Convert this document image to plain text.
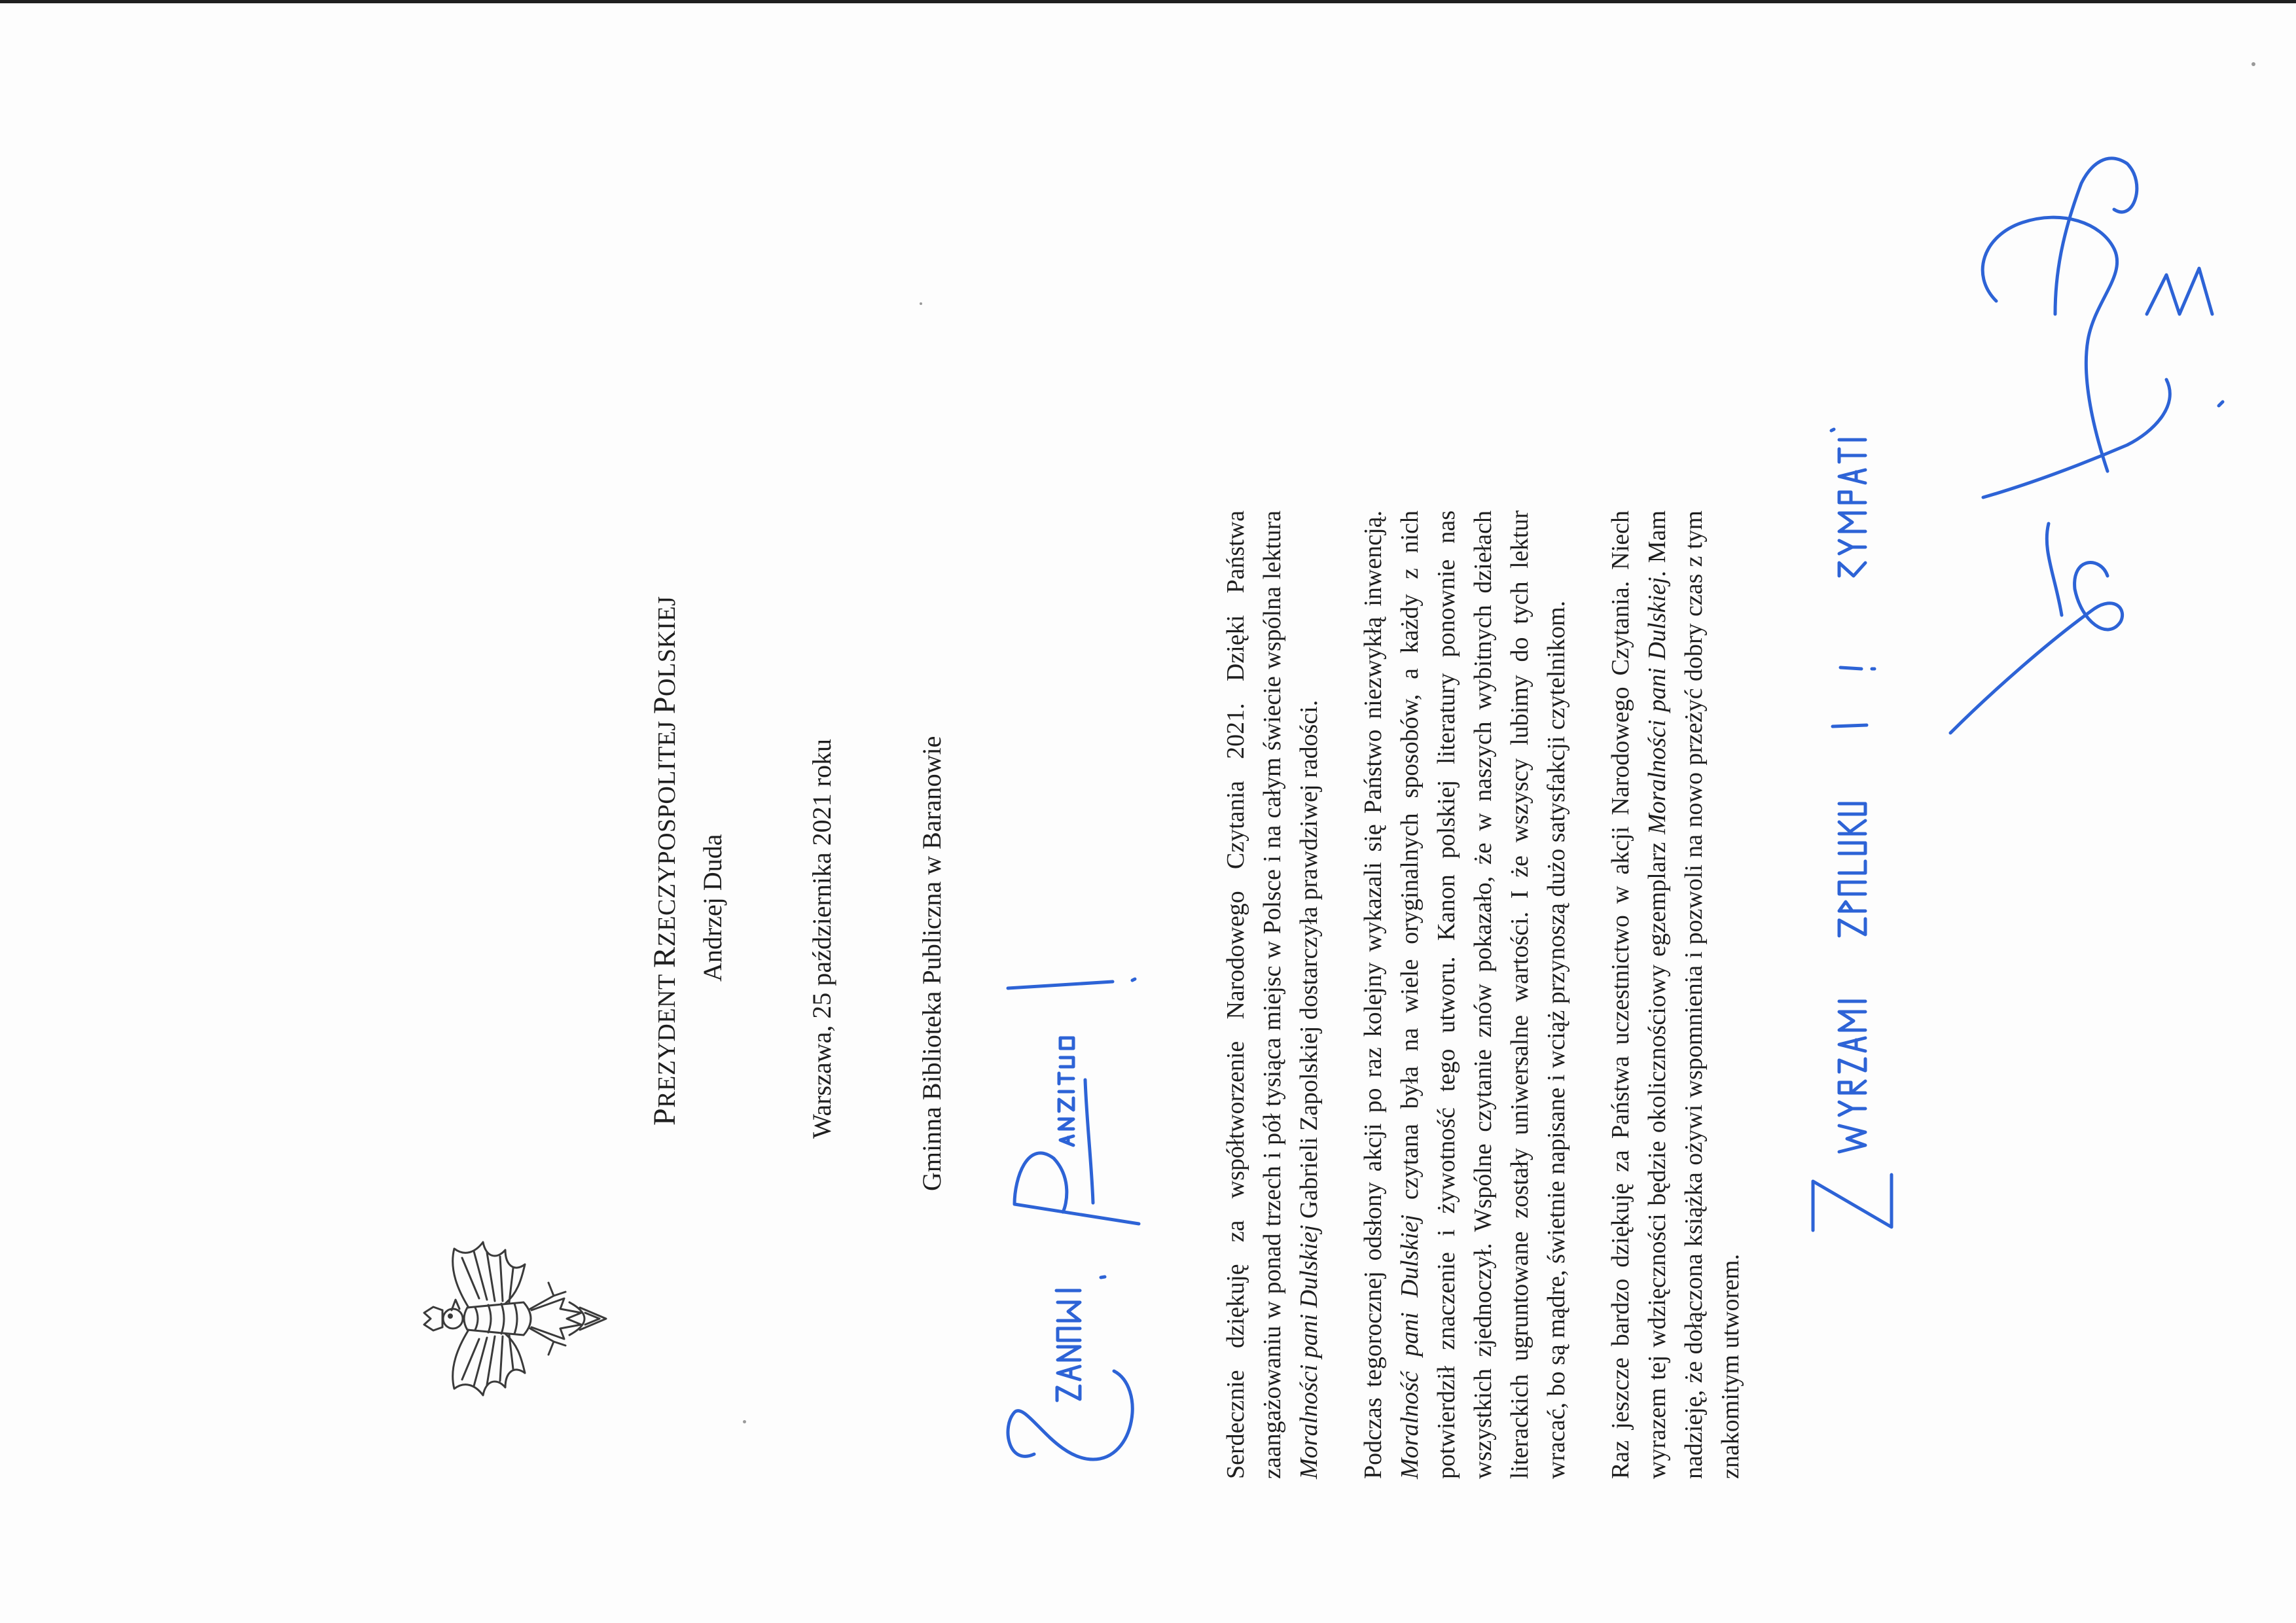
PREZYDENT RZECZYPOSPOLITEJ POLSKIEJ
Andrzej Duda	Warszawa, 25 października 2021 roku	Gminna Biblioteka Publiczna w Baranowie	Serdecznie dziękuję za współtworzenie Narodowego Czytania 2021. Dzięki Państwa zaangażowaniu w ponad trzech i pół tysiąca miejsc w Polsce i na całym świecie wspólna lektura Moralności pani Dulskiej Gabrieli Zapolskiej dostarczyła prawdziwej radości. Podczas tegorocznej odsłony akcji po raz kolejny wykazali się Państwo niezwykłą inwencją. Moralność pani Dulskiej czytana była na wiele oryginalnych sposobów, a każdy z nich potwierdził znaczenie i żywotność tego utworu. Kanon polskiej literatury ponownie nas wszystkich zjednoczył. Wspólne czytanie znów pokazało, że w naszych wybitnych dziełach literackich ugruntowane zostały uniwersalne wartości. I że wszyscy lubimy do tych lektur wracać, bo są mądre, świetnie napisane i wciąż przynoszą dużo satysfakcji czytelnikom. Raz jeszcze bardzo dziękuję za Państwa uczestnictwo w akcji Narodowego Czytania. Niech wyrazem tej wdzięczności będzie okolicznościowy egzemplarz Moralności pani Dulskiej. Mam nadzieję, że dołączona książka ożywi wspomnienia i pozwoli na nowo przeżyć dobry czas z tym znakomitym utworem.
